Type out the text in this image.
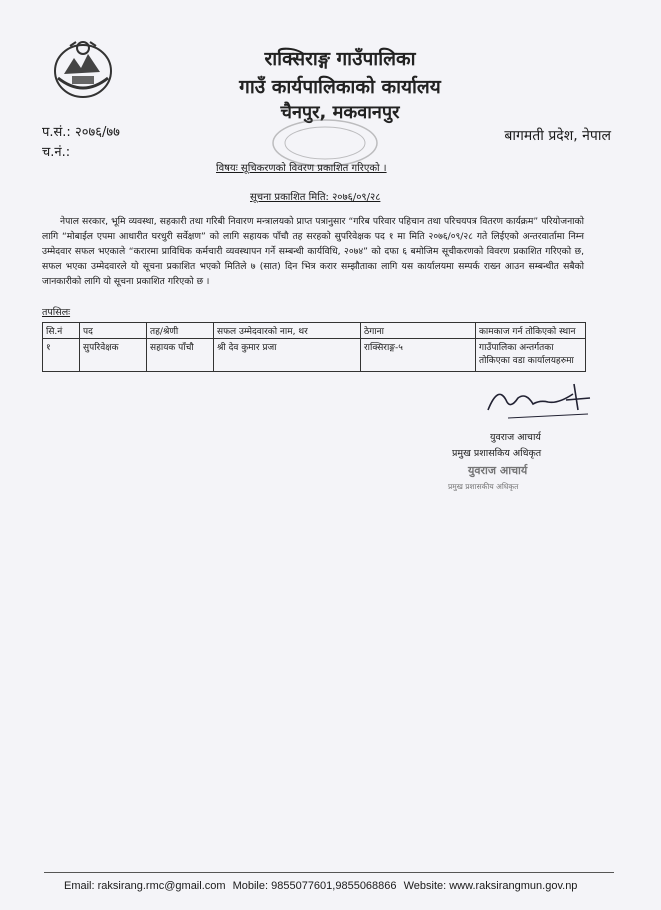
राक्सिराङ्ग गाउँपालिका
गाउँ कार्यपालिकाको कार्यालय
चैनपुर, मकवानपुर
प.सं.: २०७६/७७
च.नं.:
बागमती प्रदेश, नेपाल
विषयः सूचिकरणको विवरण प्रकाशित गरिएको ।
सूचना प्रकाशित मिति: २०७६/०९/२८
नेपाल सरकार, भूमि व्यवस्था, सहकारी तथा गरिबी निवारण मन्त्रालयको प्राप्त पत्रानुसार “गरिब परिवार पहिचान तथा परिचयपत्र वितरण कार्यक्रम” परियोजनाको लागि “मोबाईल एपमा आधारीत घरधुरी सर्वेक्षण” को लागि सहायक पाँचौ तह सरहको सुपरिवेक्षक पद १ मा मिति २०७६/०९/२८ गते लिईएको अन्तरवार्तामा निम्न उम्मेदवार सफल भएकाले “करारमा प्राविधिक कर्मचारी व्यवस्थापन गर्ने सम्बन्धी कार्यविधि, २०७४” को दफा ६ बमोजिम सूचीकरणको विवरण प्रकाशित गरिएको छ, सफल भएका उम्मेदवारले यो सूचना प्रकाशित भएको मितिले ७ (सात) दिन भित्र करार सम्झौताका लागि यस कार्यालयमा सम्पर्क राख्न आउन सम्बन्धीत सबैको जानकारीको लागि यो सूचना प्रकाशित गरिएको छ ।
तपसिलः
सि.नं	पद	तह/श्रेणी	सफल उम्मेदवारको नाम, थर	ठेगाना	कामकाज गर्न तोकिएको स्थान
१	सुपरिवेक्षक	सहायक पाँचौ	श्री देव कुमार प्रजा	राक्सिराङ्ग-५	गाउँपालिका अन्तर्गतका तोकिएका वडा कार्यालयहरुमा
युवराज आचार्य
प्रमुख प्रशासकिय अधिकृत
युवराज आचार्य
प्रमुख प्रशासकीय अधिकृत
Email: raksirang.rmc@gmail.com Mobile: 9855077601,9855068866 Website: www.raksirangmun.gov.np
